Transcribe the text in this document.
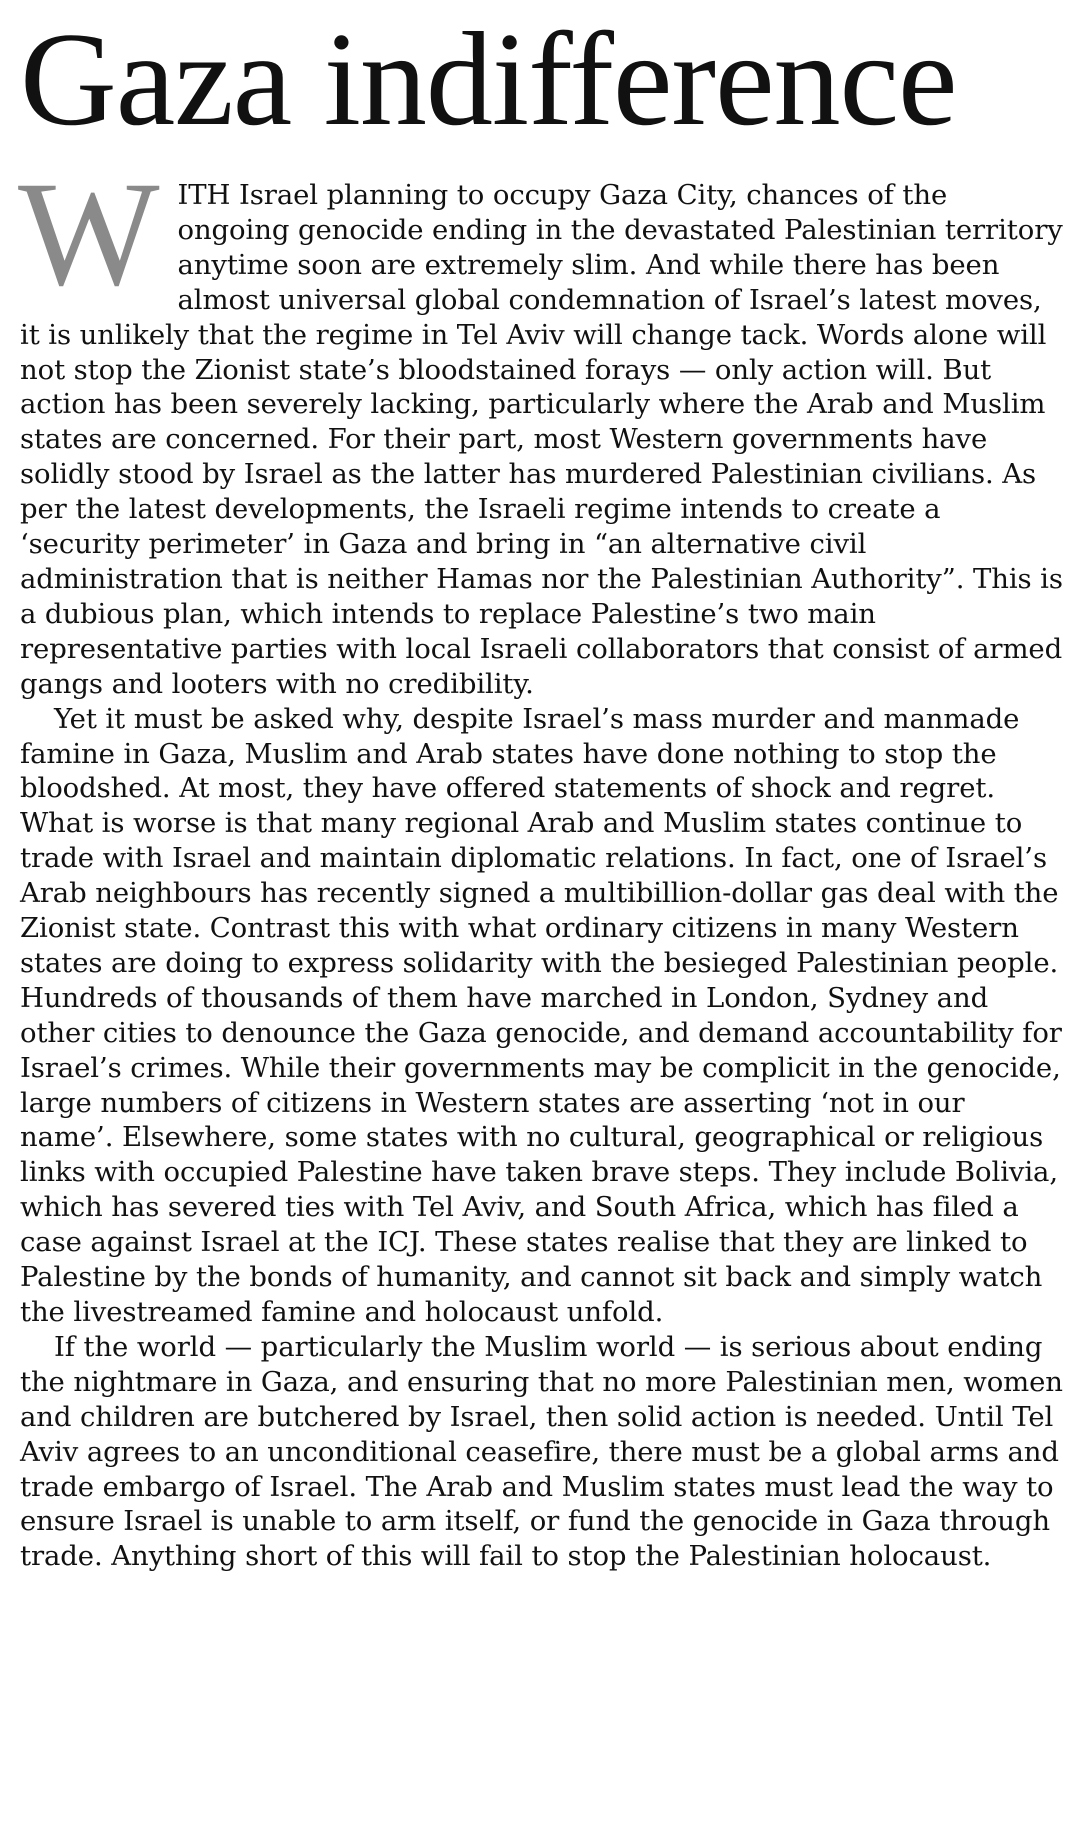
Gaza indifference

WITH Israel planning to occupy Gaza City, chances of the ongoing genocide ending in the devastated Palestinian territory anytime soon are extremely slim. And while there has been almost universal global condemnation of Israel’s latest moves, it is unlikely that the regime in Tel Aviv will change tack. Words alone will not stop the Zionist state’s bloodstained forays — only action will. But action has been severely lacking, particularly where the Arab and Muslim states are concerned. For their part, most Western governments have solidly stood by Israel as the latter has murdered Palestinian civilians. As per the latest developments, the Israeli regime intends to create a ‘security perimeter’ in Gaza and bring in “an alternative civil administration that is neither Hamas nor the Palestinian Authority”. This is a dubious plan, which intends to replace Palestine’s two main representative parties with local Israeli collaborators that consist of armed gangs and looters with no credibility.

Yet it must be asked why, despite Israel’s mass murder and manmade famine in Gaza, Muslim and Arab states have done nothing to stop the bloodshed. At most, they have offered statements of shock and regret. What is worse is that many regional Arab and Muslim states continue to trade with Israel and maintain diplomatic relations. In fact, one of Israel’s Arab neighbours has recently signed a multibillion-dollar gas deal with the Zionist state. Contrast this with what ordinary citizens in many Western states are doing to express solidarity with the besieged Palestinian people. Hundreds of thousands of them have marched in London, Sydney and other cities to denounce the Gaza genocide, and demand accountability for Israel’s crimes. While their governments may be complicit in the genocide, large numbers of citizens in Western states are asserting ‘not in our name’. Elsewhere, some states with no cultural, geographical or religious links with occupied Palestine have taken brave steps. They include Bolivia, which has severed ties with Tel Aviv, and South Africa, which has filed a case against Israel at the ICJ. These states realise that they are linked to Palestine by the bonds of humanity, and cannot sit back and simply watch the livestreamed famine and holocaust unfold.

If the world — particularly the Muslim world — is serious about ending the nightmare in Gaza, and ensuring that no more Palestinian men, women and children are butchered by Israel, then solid action is needed. Until Tel Aviv agrees to an unconditional ceasefire, there must be a global arms and trade embargo of Israel. The Arab and Muslim states must lead the way to ensure Israel is unable to arm itself, or fund the genocide in Gaza through trade. Anything short of this will fail to stop the Palestinian holocaust.
